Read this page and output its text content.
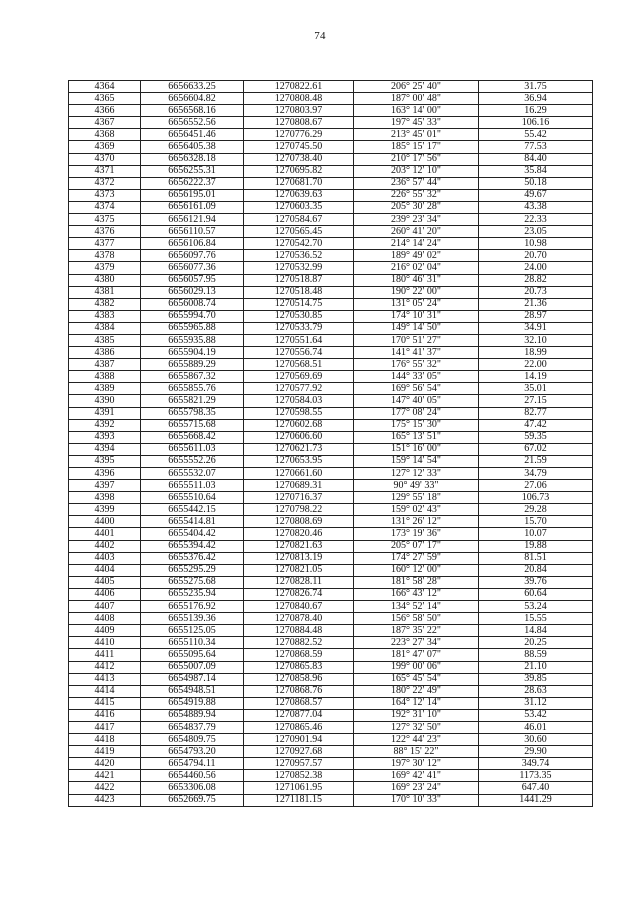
74
4364	6656633.25	1270822.61	206° 25' 40"	31.75
4365	6656604.82	1270808.48	187° 00' 48"	36.94
4366	6656568.16	1270803.97	163° 14' 00"	16.29
4367	6656552.56	1270808.67	197° 45' 33"	106.16
4368	6656451.46	1270776.29	213° 45' 01"	55.42
4369	6656405.38	1270745.50	185° 15' 17"	77.53
4370	6656328.18	1270738.40	210° 17' 56"	84.40
4371	6656255.31	1270695.82	203° 12' 10"	35.84
4372	6656222.37	1270681.70	236° 57' 44"	50.18
4373	6656195.01	1270639.63	226° 55' 32"	49.67
4374	6656161.09	1270603.35	205° 30' 28"	43.38
4375	6656121.94	1270584.67	239° 23' 34"	22.33
4376	6656110.57	1270565.45	260° 41' 20"	23.05
4377	6656106.84	1270542.70	214° 14' 24"	10.98
4378	6656097.76	1270536.52	189° 49' 02"	20.70
4379	6656077.36	1270532.99	216° 02' 04"	24.00
4380	6656057.95	1270518.87	180° 46' 31"	28.82
4381	6656029.13	1270518.48	190° 22' 00"	20.73
4382	6656008.74	1270514.75	131° 05' 24"	21.36
4383	6655994.70	1270530.85	174° 10' 31"	28.97
4384	6655965.88	1270533.79	149° 14' 50"	34.91
4385	6655935.88	1270551.64	170° 51' 27"	32.10
4386	6655904.19	1270556.74	141° 41' 37"	18.99
4387	6655889.29	1270568.51	176° 55' 32"	22.00
4388	6655867.32	1270569.69	144° 33' 05"	14.19
4389	6655855.76	1270577.92	169° 56' 54"	35.01
4390	6655821.29	1270584.03	147° 40' 05"	27.15
4391	6655798.35	1270598.55	177° 08' 24"	82.77
4392	6655715.68	1270602.68	175° 15' 30"	47.42
4393	6655668.42	1270606.60	165° 13' 51"	59.35
4394	6655611.03	1270621.73	151° 16' 00"	67.02
4395	6655552.26	1270653.95	159° 14' 54"	21.59
4396	6655532.07	1270661.60	127° 12' 33"	34.79
4397	6655511.03	1270689.31	90° 49' 33"	27.06
4398	6655510.64	1270716.37	129° 55' 18"	106.73
4399	6655442.15	1270798.22	159° 02' 43"	29.28
4400	6655414.81	1270808.69	131° 26' 12"	15.70
4401	6655404.42	1270820.46	173° 19' 36"	10.07
4402	6655394.42	1270821.63	205° 07' 17"	19.88
4403	6655376.42	1270813.19	174° 27' 59"	81.51
4404	6655295.29	1270821.05	160° 12' 00"	20.84
4405	6655275.68	1270828.11	181° 58' 28"	39.76
4406	6655235.94	1270826.74	166° 43' 12"	60.64
4407	6655176.92	1270840.67	134° 52' 14"	53.24
4408	6655139.36	1270878.40	156° 58' 50"	15.55
4409	6655125.05	1270884.48	187° 35' 22"	14.84
4410	6655110.34	1270882.52	223° 27' 34"	20.25
4411	6655095.64	1270868.59	181° 47' 07"	88.59
4412	6655007.09	1270865.83	199° 00' 06"	21.10
4413	6654987.14	1270858.96	165° 45' 54"	39.85
4414	6654948.51	1270868.76	180° 22' 49"	28.63
4415	6654919.88	1270868.57	164° 12' 14"	31.12
4416	6654889.94	1270877.04	192° 31' 10"	53.42
4417	6654837.79	1270865.46	127° 32' 50"	46.01
4418	6654809.75	1270901.94	122° 44' 23"	30.60
4419	6654793.20	1270927.68	88° 15' 22"	29.90
4420	6654794.11	1270957.57	197° 30' 12"	349.74
4421	6654460.56	1270852.38	169° 42' 41"	1173.35
4422	6653306.08	1271061.95	169° 23' 24"	647.40
4423	6652669.75	1271181.15	170° 10' 33"	1441.29
